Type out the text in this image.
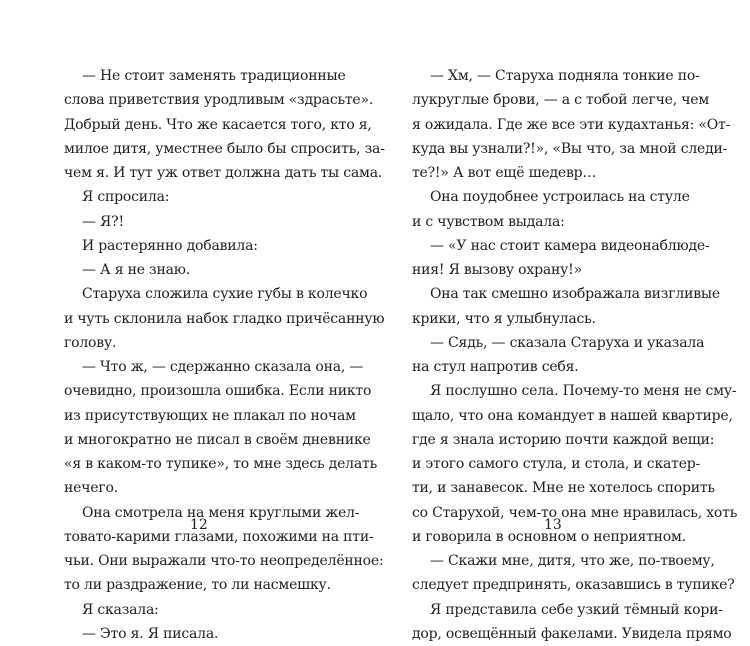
— Не стоит заменять традиционные
слова приветствия уродливым «здрасьте».
Добрый день. Что же касается того, кто я,
милое дитя, уместнее было бы спросить, за-
чем я. И тут уж ответ должна дать ты сама.
Я спросила:
— Я?!
И растерянно добавила:
— А я не знаю.
Старуха сложила сухие губы в колечко
и чуть склонила набок гладко причёсанную
голову.
— Что ж, — сдержанно сказала она, —
очевидно, произошла ошибка. Если никто
из присутствующих не плакал по ночам
и многократно не писал в своём дневнике
«я в каком-то тупике», то мне здесь делать
нечего.
Она смотрела на меня круглыми жел-
товато-карими глазами, похожими на пти-
чьи. Они выражали что-то неопределённое:
то ли раздражение, то ли насмешку.
Я сказала:
— Это я. Я писала.
— Хм, — Старуха подняла тонкие по-
лукруглые брови, — а с тобой легче, чем
я ожидала. Где же все эти кудахтанья: «От-
куда вы узнали?!», «Вы что, за мной следи-
те?!» А вот ещё шедевр…
Она поудобнее устроилась на стуле
и с чувством выдала:
— «У нас стоит камера видеонаблюде-
ния! Я вызову охрану!»
Она так смешно изображала визгливые
крики, что я улыбнулась.
— Сядь, — сказала Старуха и указала
на стул напротив себя.
Я послушно села. Почему-то меня не сму-
щало, что она командует в нашей квартире,
где я знала историю почти каждой вещи:
и этого самого стула, и стола, и скатер-
ти, и занавесок. Мне не хотелось спорить
со Старухой, чем-то она мне нравилась, хоть
и говорила в основном о неприятном.
— Скажи мне, дитя, что же, по-твоему,
следует предпринять, оказавшись в тупике?
Я представила себе узкий тёмный кори-
дор, освещённый факелами. Увидела прямо
12	13
